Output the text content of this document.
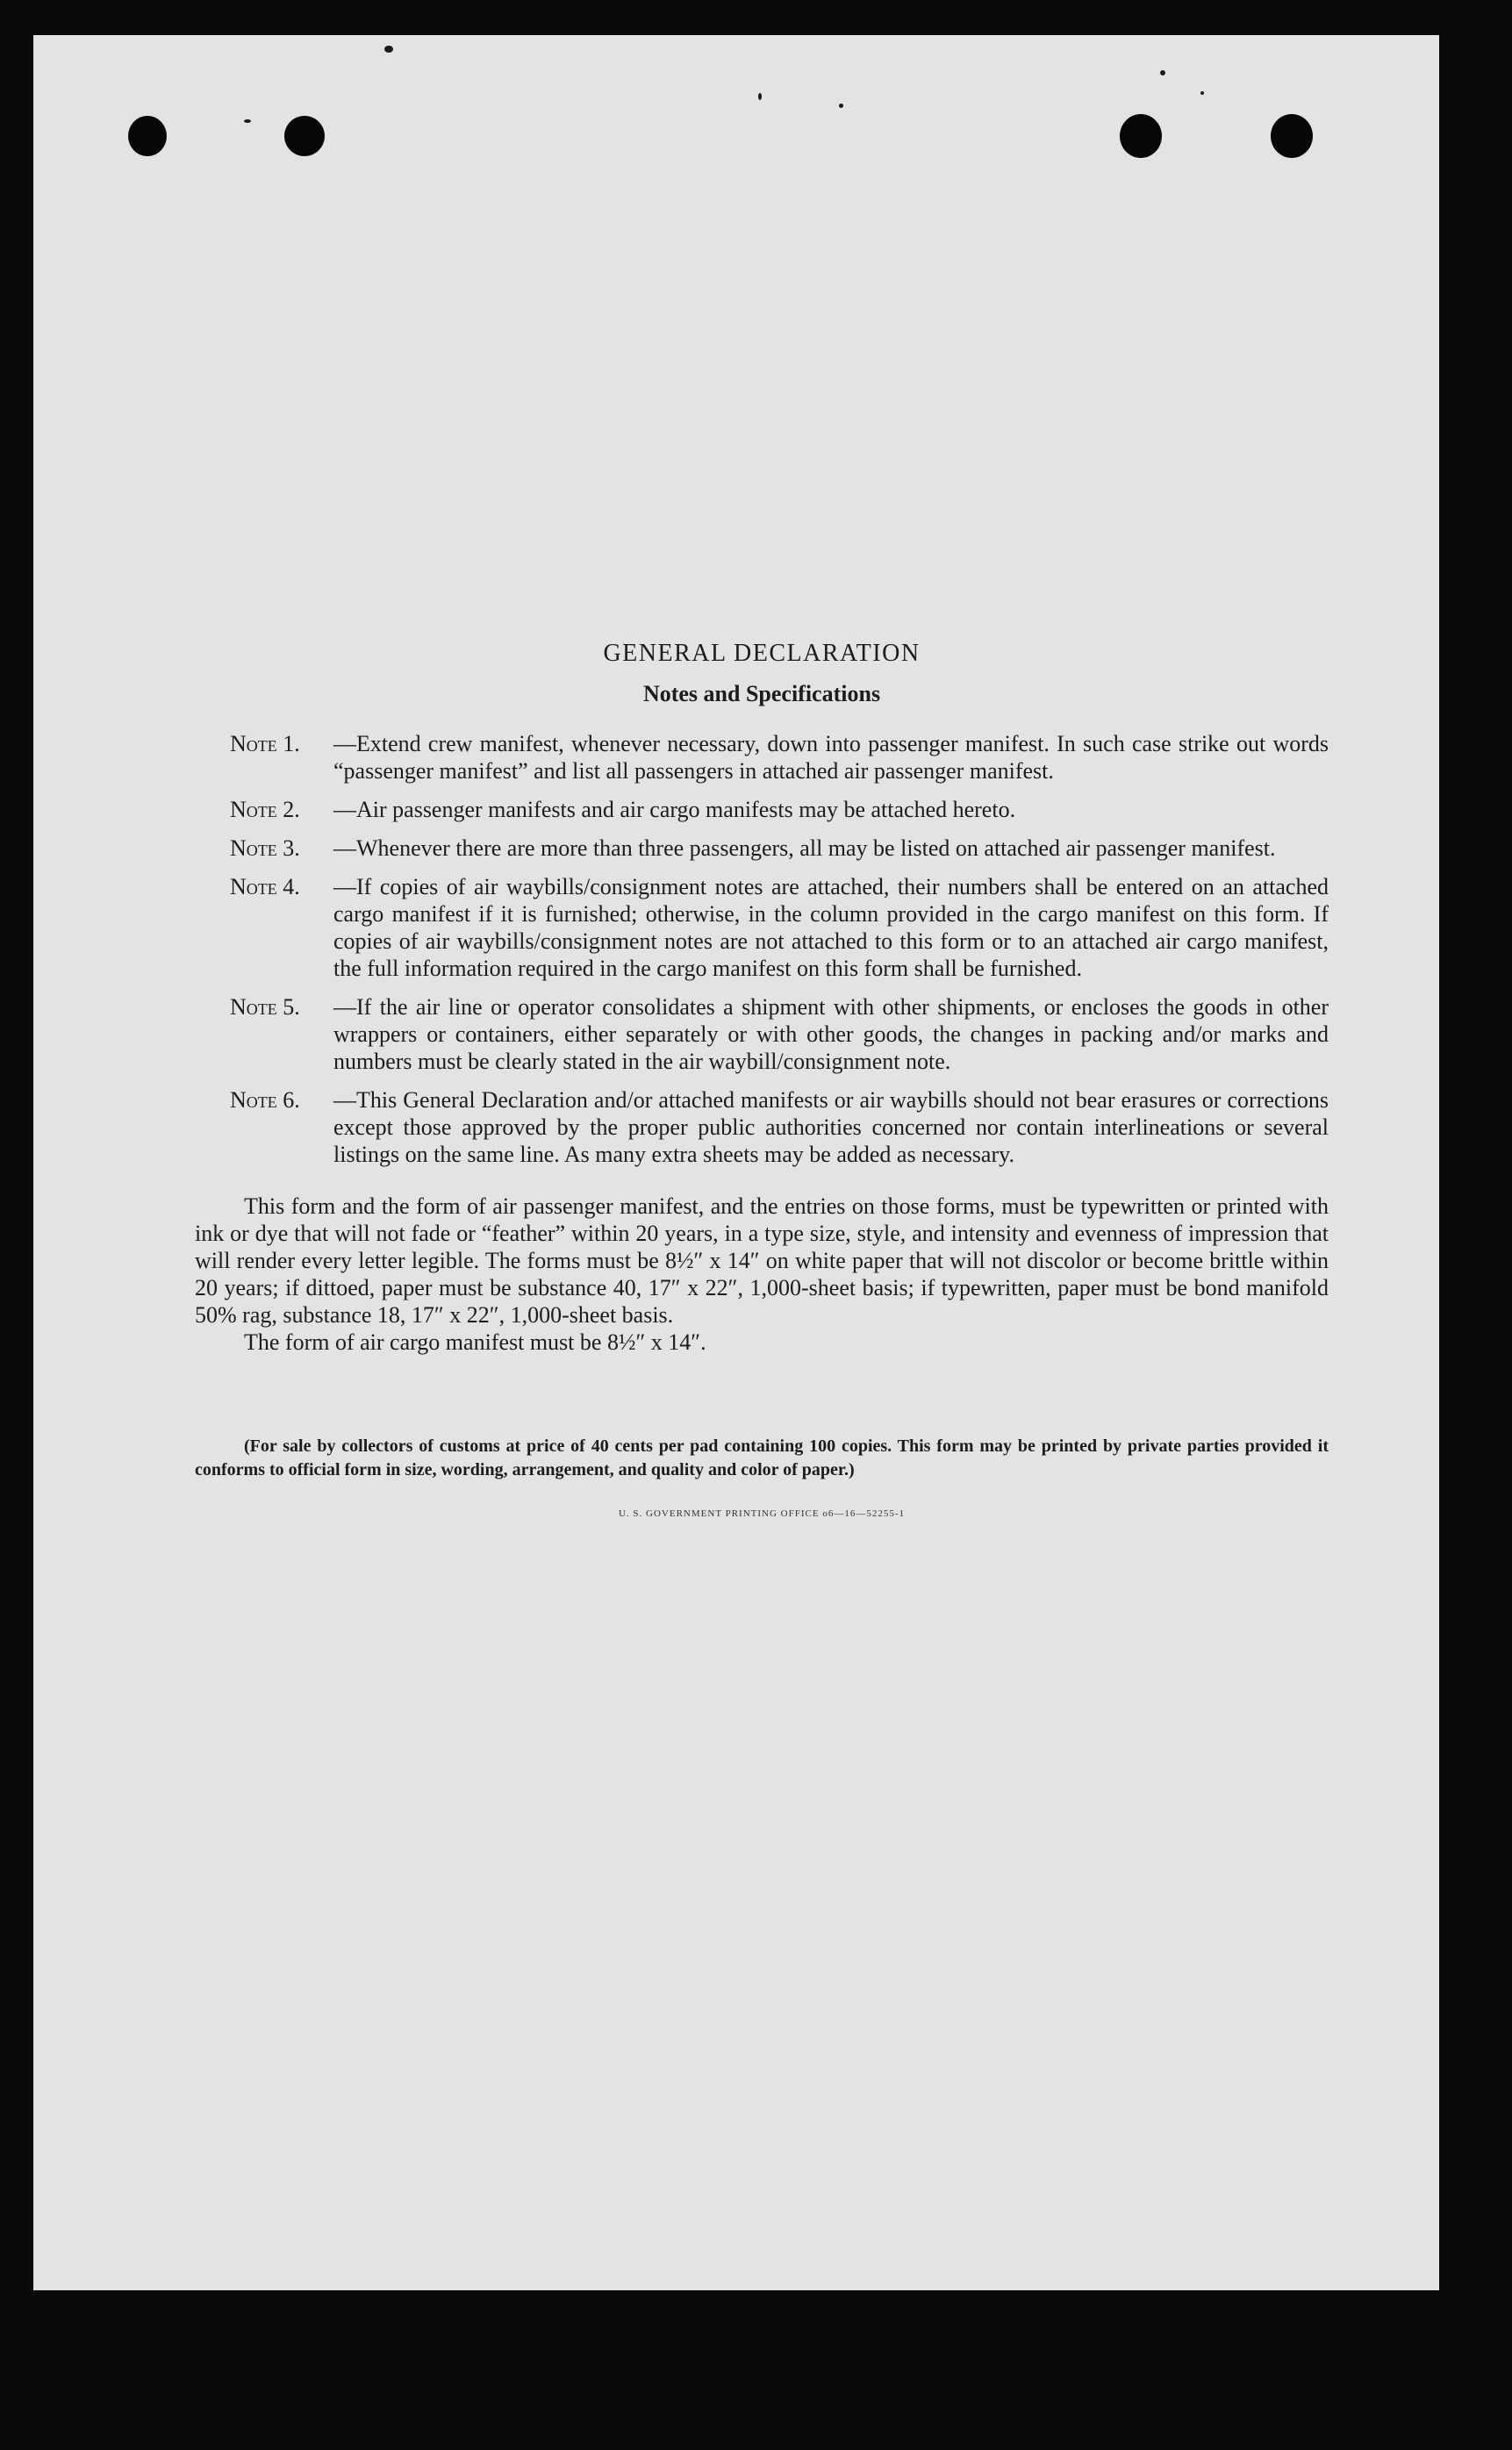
GENERAL DECLARATION
Notes and Specifications
Note 1. —Extend crew manifest, whenever necessary, down into passenger manifest. In such case strike out words “passenger manifest” and list all passengers in attached air passenger manifest.
Note 2. —Air passenger manifests and air cargo manifests may be attached hereto.
Note 3. —Whenever there are more than three passengers, all may be listed on attached air passenger manifest.
Note 4. —If copies of air waybills/consignment notes are attached, their numbers shall be entered on an attached cargo manifest if it is furnished; otherwise, in the column provided in the cargo manifest on this form. If copies of air waybills/consignment notes are not attached to this form or to an attached air cargo manifest, the full information required in the cargo manifest on this form shall be furnished.
Note 5. —If the air line or operator consolidates a shipment with other shipments, or encloses the goods in other wrappers or containers, either separately or with other goods, the changes in packing and/or marks and numbers must be clearly stated in the air waybill/consignment note.
Note 6. —This General Declaration and/or attached manifests or air waybills should not bear erasures or corrections except those approved by the proper public authorities concerned nor contain interlineations or several listings on the same line. As many extra sheets may be added as necessary.

This form and the form of air passenger manifest, and the entries on those forms, must be typewritten or printed with ink or dye that will not fade or “feather” within 20 years, in a type size, style, and intensity and evenness of impression that will render every letter legible. The forms must be 8½″ x 14″ on white paper that will not discolor or become brittle within 20 years; if dittoed, paper must be substance 40, 17″ x 22″, 1,000-sheet basis; if typewritten, paper must be bond manifold 50% rag, substance 18, 17″ x 22″, 1,000-sheet basis.

The form of air cargo manifest must be 8½″ x 14″.

(For sale by collectors of customs at price of 40 cents per pad containing 100 copies. This form may be printed by private parties provided it conforms to official form in size, wording, arrangement, and quality and color of paper.)

U. S. GOVERNMENT PRINTING OFFICE o6—16—52255-1
